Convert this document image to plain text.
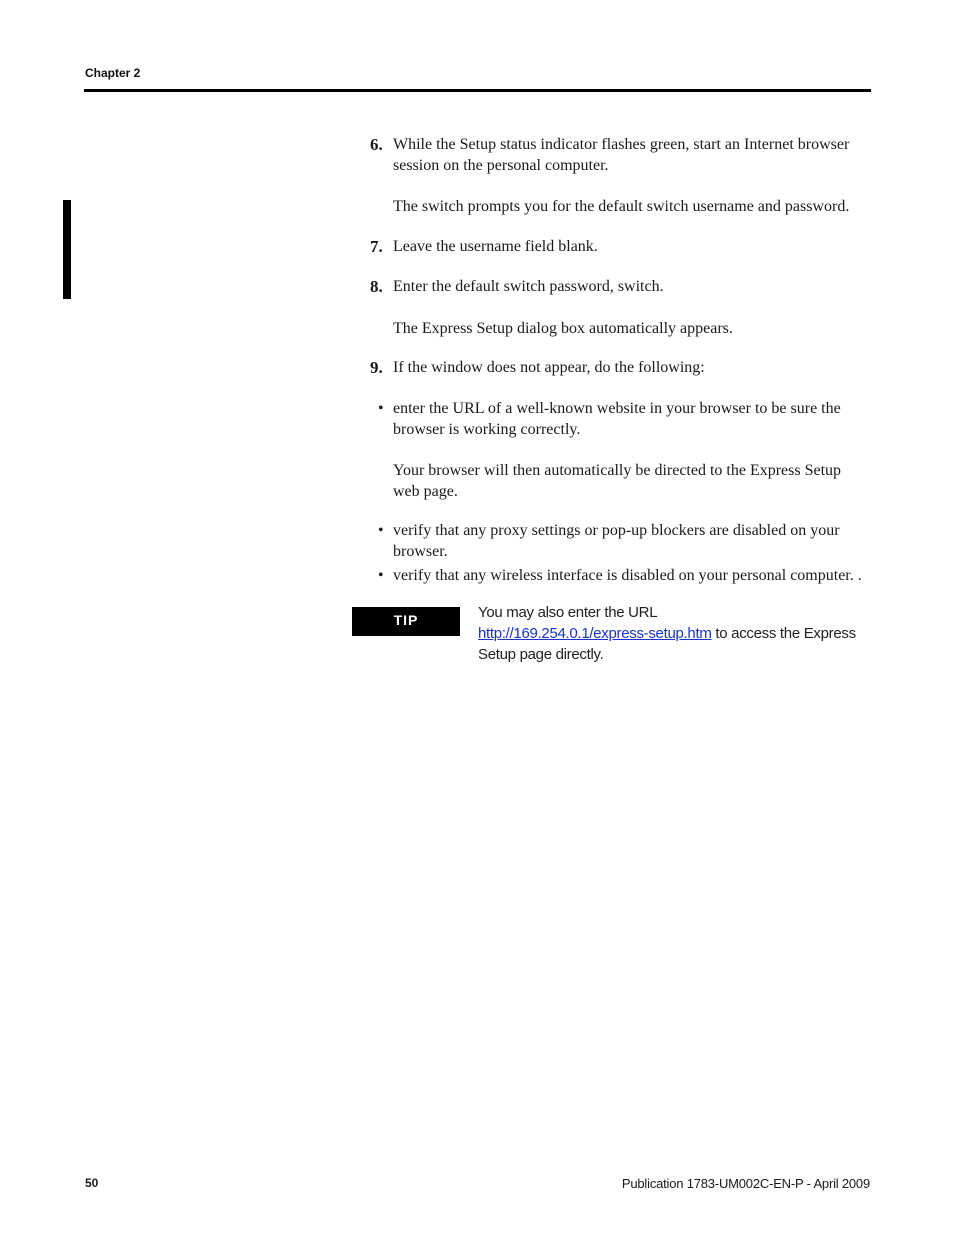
Chapter 2
6. While the Setup status indicator flashes green, start an Internet browser session on the personal computer.
The switch prompts you for the default switch username and password.
7. Leave the username field blank.
8. Enter the default switch password, switch.
The Express Setup dialog box automatically appears.
9. If the window does not appear, do the following:
• enter the URL of a well-known website in your browser to be sure the browser is working correctly.
Your browser will then automatically be directed to the Express Setup web page.
• verify that any proxy settings or pop-up blockers are disabled on your browser.
• verify that any wireless interface is disabled on your personal computer. .
TIP	You may also enter the URL
http://169.254.0.1/express-setup.htm to access the Express Setup page directly.
50	Publication 1783-UM002C-EN-P - April 2009
